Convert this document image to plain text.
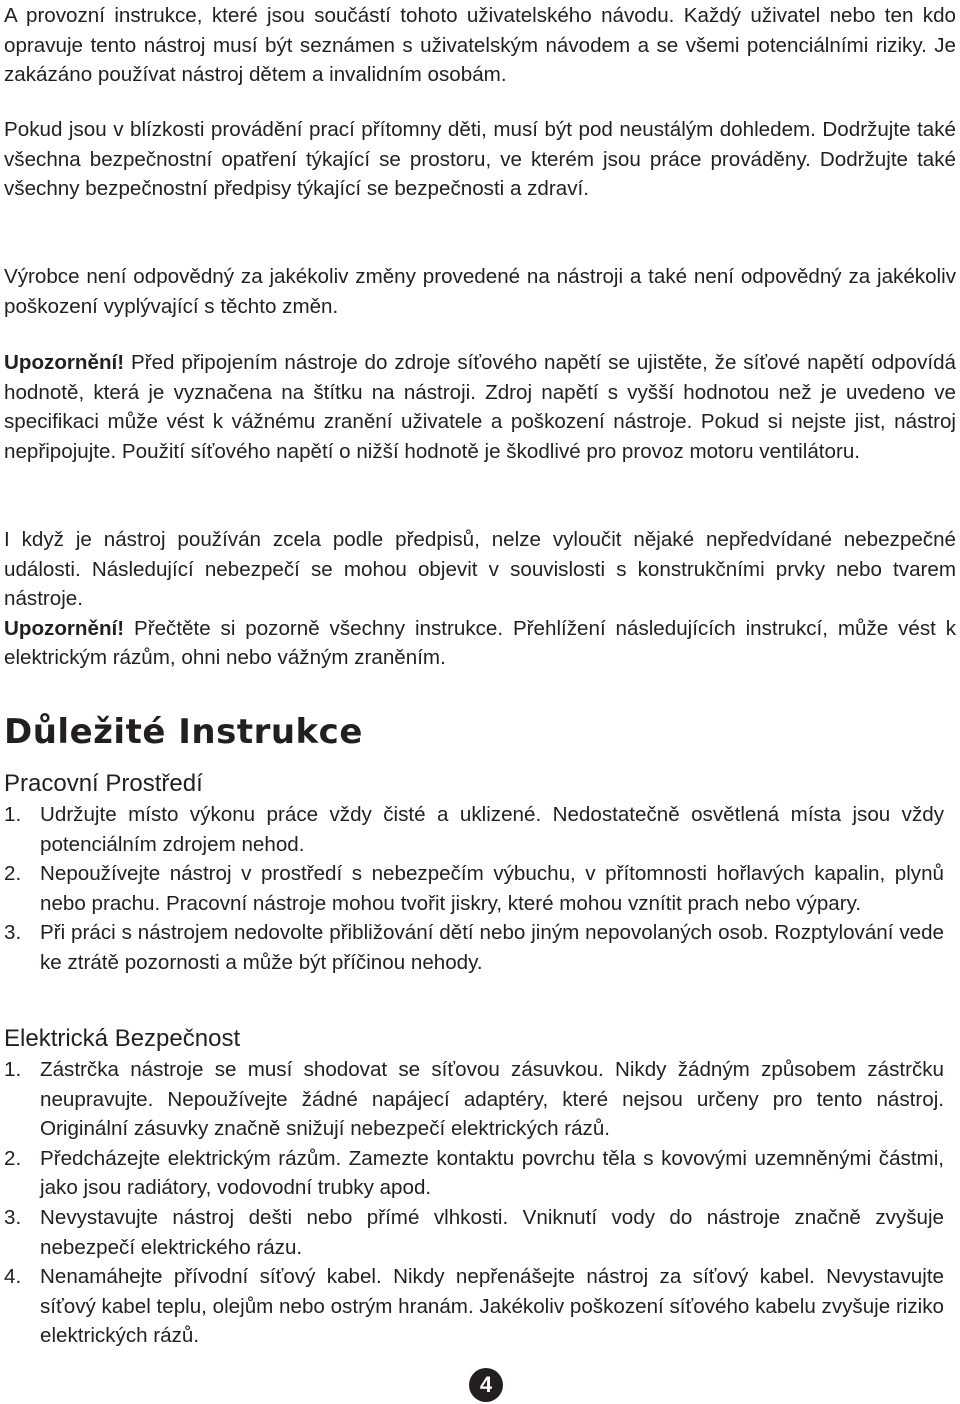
A provozní instrukce, které jsou součástí tohoto uživatelského návodu. Každý uživatel nebo ten kdo opravuje tento nástroj musí být seznámen s uživatelským návodem a se všemi potenciálními riziky. Je zakázáno používat nástroj dětem a invalidním osobám.

Pokud jsou v blízkosti provádění prací přítomny děti, musí být pod neustálým dohledem. Dodržujte také všechna bezpečnostní opatření týkající se prostoru, ve kterém jsou práce prováděny. Dodržujte také všechny bezpečnostní předpisy týkající se bezpečnosti a zdraví.

Výrobce není odpovědný za jakékoliv změny provedené na nástroji a také není odpovědný za jakékoliv poškození vyplývající s těchto změn.

Upozornění! Před připojením nástroje do zdroje síťového napětí se ujistěte, že síťové napětí odpovídá hodnotě, která je vyznačena na štítku na nástroji. Zdroj napětí s vyšší hodnotou než je uvedeno ve specifikaci může vést k vážnému zranění uživatele a poškození nástroje. Pokud si nejste jist, nástroj nepřipojujte. Použití síťového napětí o nižší hodnotě je škodlivé pro provoz motoru ventilátoru.

I když je nástroj používán zcela podle předpisů, nelze vyloučit nějaké nepředvídané nebezpečné události. Následující nebezpečí se mohou objevit v souvislosti s konstrukčními prvky nebo tvarem nástroje.
Upozornění! Přečtěte si pozorně všechny instrukce. Přehlížení následujících instrukcí, může vést k elektrickým rázům, ohni nebo vážným zraněním.

Důležité Instrukce
Pracovní Prostředí
1. Udržujte místo výkonu práce vždy čisté a uklizené. Nedostatečně osvětlená místa jsou vždy potenciálním zdrojem nehod.
2. Nepoužívejte nástroj v prostředí s nebezpečím výbuchu, v přítomnosti hořlavých kapalin, plynů nebo prachu. Pracovní nástroje mohou tvořit jiskry, které mohou vznítit prach nebo výpary.
3. Při práci s nástrojem nedovolte přibližování dětí nebo jiným nepovolaných osob. Rozptylování vede ke ztrátě pozornosti a může být příčinou nehody.
Elektrická Bezpečnost
1. Zástrčka nástroje se musí shodovat se síťovou zásuvkou. Nikdy žádným způsobem zástrčku neupravujte. Nepoužívejte žádné napájecí adaptéry, které nejsou určeny pro tento nástroj. Originální zásuvky značně snižují nebezpečí elektrických rázů.
2. Předcházejte elektrickým rázům. Zamezte kontaktu povrchu těla s kovovými uzemněnými částmi, jako jsou radiátory, vodovodní trubky apod.
3. Nevystavujte nástroj dešti nebo přímé vlhkosti. Vniknutí vody do nástroje značně zvyšuje nebezpečí elektrického rázu.
4. Nenamáhejte přívodní síťový kabel. Nikdy nepřenášejte nástroj za síťový kabel. Nevystavujte síťový kabel teplu, olejům nebo ostrým hranám. Jakékoliv poškození síťového kabelu zvyšuje riziko elektrických rázů.
4
